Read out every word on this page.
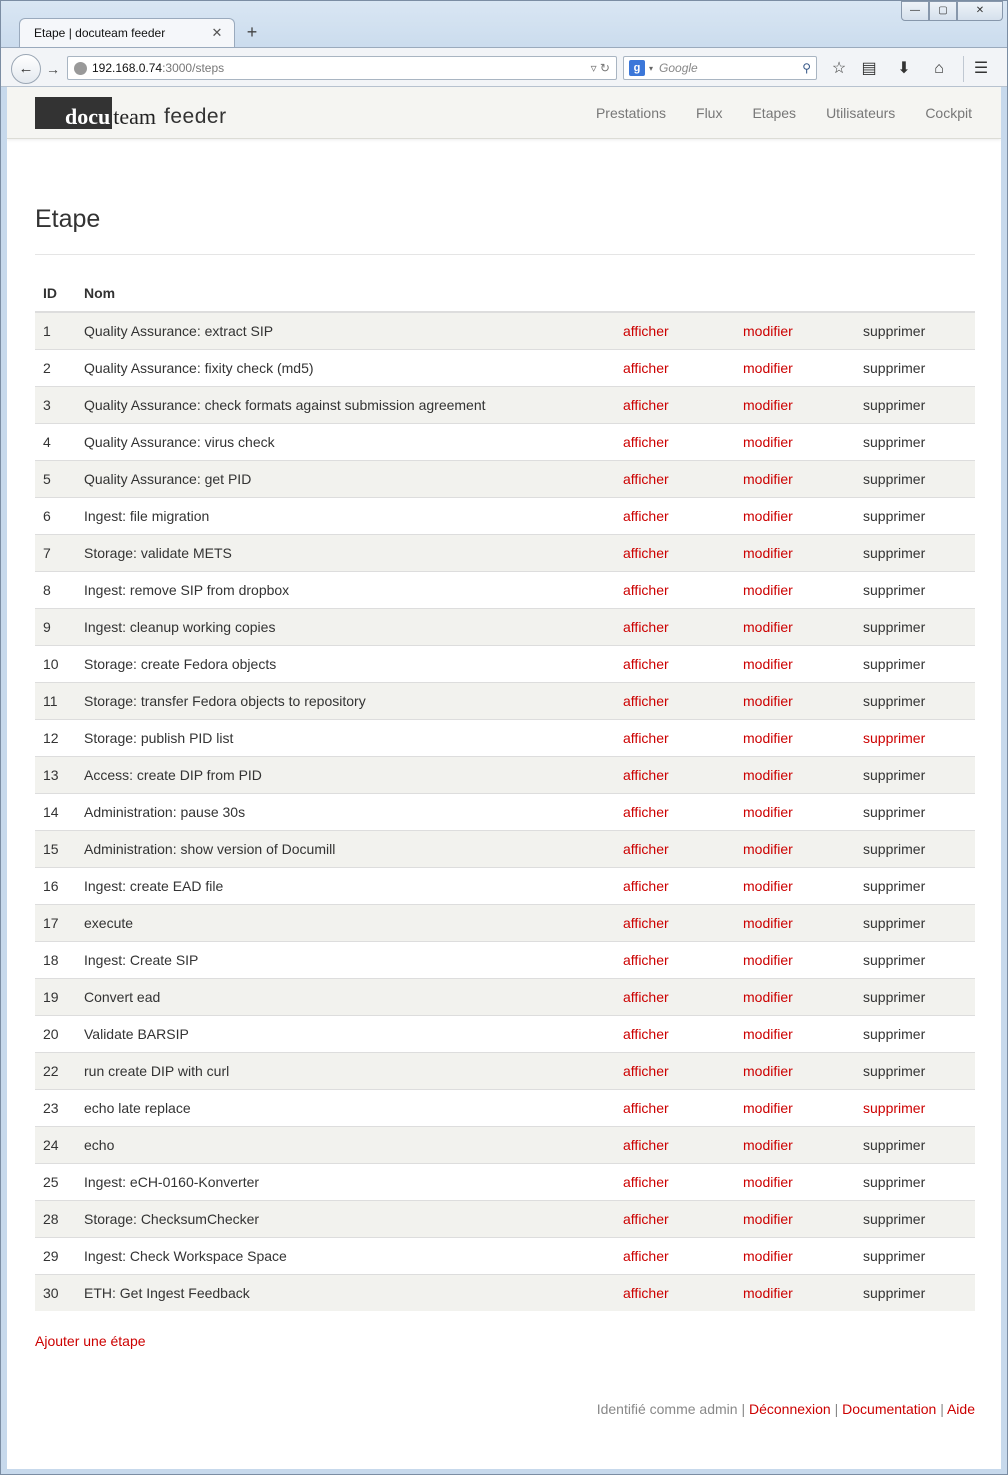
Etape | docuteam feeder	✕	+
—	▢	✕
← →	192.168.0.74 :3000/steps	▿ ↻	g	▾ Google	⚲	☆ ▤	⬇	⌂	☰
docu team feeder	Prestations	Flux	Etapes	Utilisateurs	Cockpit
Etape
ID	Nom			
1	Quality Assurance: extract SIP	afficher	modifier	supprimer
2	Quality Assurance: fixity check (md5)	afficher	modifier	supprimer
3	Quality Assurance: check formats against submission agreement	afficher	modifier	supprimer
4	Quality Assurance: virus check	afficher	modifier	supprimer
5	Quality Assurance: get PID	afficher	modifier	supprimer
6	Ingest: file migration	afficher	modifier	supprimer
7	Storage: validate METS	afficher	modifier	supprimer
8	Ingest: remove SIP from dropbox	afficher	modifier	supprimer
9	Ingest: cleanup working copies	afficher	modifier	supprimer
10	Storage: create Fedora objects	afficher	modifier	supprimer
11	Storage: transfer Fedora objects to repository	afficher	modifier	supprimer
12	Storage: publish PID list	afficher	modifier	supprimer
13	Access: create DIP from PID	afficher	modifier	supprimer
14	Administration: pause 30s	afficher	modifier	supprimer
15	Administration: show version of Documill	afficher	modifier	supprimer
16	Ingest: create EAD file	afficher	modifier	supprimer
17	execute	afficher	modifier	supprimer
18	Ingest: Create SIP	afficher	modifier	supprimer
19	Convert ead	afficher	modifier	supprimer
20	Validate BARSIP	afficher	modifier	supprimer
22	run create DIP with curl	afficher	modifier	supprimer
23	echo late replace	afficher	modifier	supprimer
24	echo	afficher	modifier	supprimer
25	Ingest: eCH-0160-Konverter	afficher	modifier	supprimer
28	Storage: ChecksumChecker	afficher	modifier	supprimer
29	Ingest: Check Workspace Space	afficher	modifier	supprimer
30	ETH: Get Ingest Feedback	afficher	modifier	supprimer
Ajouter une étape
Identifié comme admin | Déconnexion | Documentation | Aide
